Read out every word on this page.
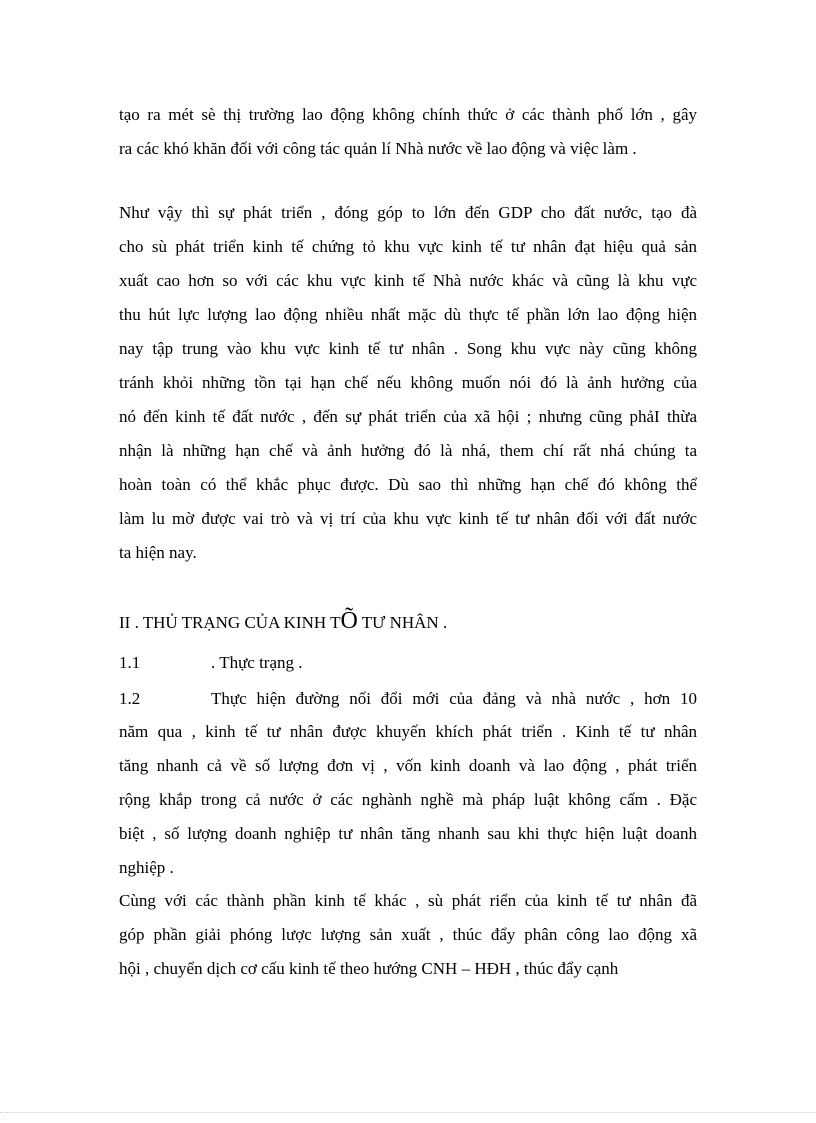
tạo ra mét sè thị trường lao động không chính thức ở các thành phố lớn , gây
ra các khó khăn đối với công tác quản lí Nhà nước về lao động và việc làm .
Như vậy thì sự phát triển , đóng góp to lớn đến GDP cho đất nước, tạo đà
cho sù phát triển kinh tế chứng tỏ khu vực kinh tế tư nhân đạt hiệu quả sản
xuất cao hơn so với các khu vực kinh tế Nhà nước khác và cũng là khu vực
thu hút lực lượng lao động nhiều nhất mặc dù thực tế phần lớn lao động hiện
nay tập trung vào khu vực kinh tế tư nhân . Song khu vực này cũng không
tránh khỏi những tồn tại hạn chế nếu không muốn nói đó là ảnh hưởng của
nó đến kinh tế đất nước , đến sự phát triển của xã hội ; nhưng cũng phảI thừa
nhận là những hạn chế và ảnh hưởng đó là nhá, them chí rất nhá chúng ta
hoàn toàn có thể khắc phục được. Dù sao thì những hạn chế đó không thể
làm lu mờ được vai trò và vị trí của khu vực kinh tế tư nhân đối với đất nước
ta hiện nay.
II . THỦ TRẠNG CỦA KINH TÕ TƯ NHÂN .
1.1	. Thực trạng .
1.2	Thực hiện đường nối đổi mới của đảng và nhà nước , hơn 10
năm qua , kinh tế tư nhân được khuyến khích phát triển . Kinh tế tư nhân
tăng nhanh cả về số lượng đơn vị , vốn kinh doanh và lao động , phát triển
rộng khắp trong cả nước ở các nghành nghề mà pháp luật không cấm . Đặc
biệt , số lượng doanh nghiệp tư nhân tăng nhanh sau khi thực hiện luật doanh
nghiệp .
Cùng với các thành phần kinh tế khác , sù phát riển của kinh tế tư nhân đã
góp phần giải phóng lược lượng sản xuất , thúc đẩy phân công lao động xã
hội , chuyển dịch cơ cấu kinh tế theo hướng CNH – HĐH , thúc đẩy cạnh
